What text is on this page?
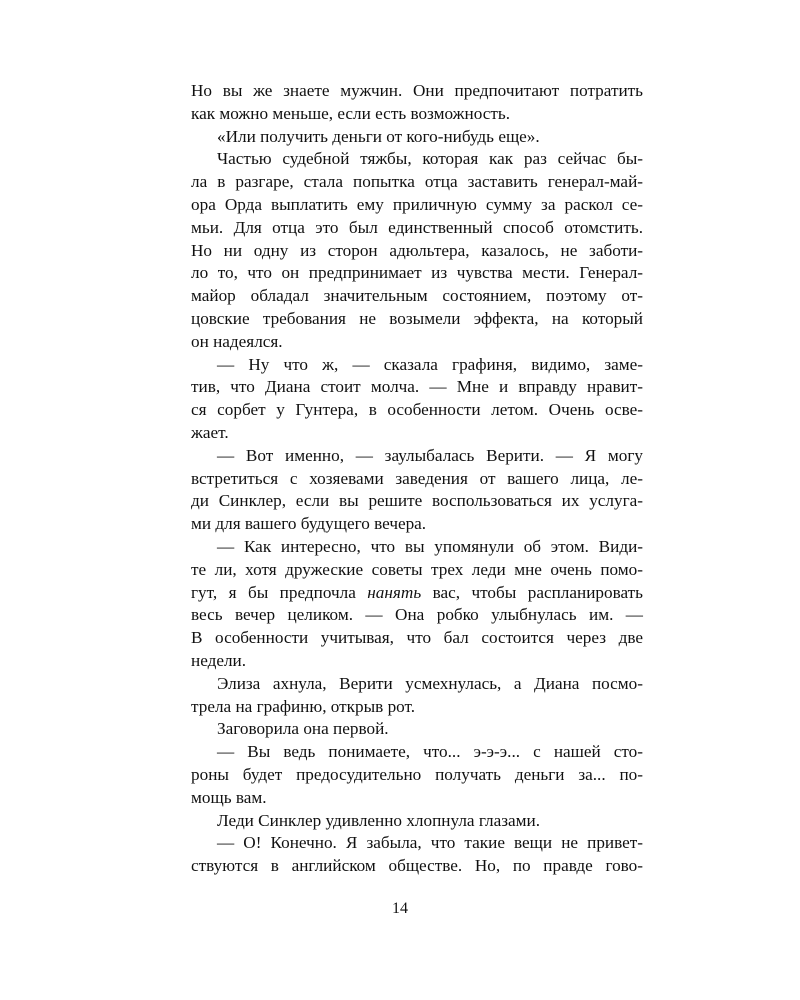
Но вы же знаете мужчин. Они предпочитают потратить
как можно меньше, если есть возможность.
«Или получить деньги от кого-нибудь еще».
Частью судебной тяжбы, которая как раз сейчас бы-
ла в разгаре, стала попытка отца заставить генерал-май-
ора Орда выплатить ему приличную сумму за раскол се-
мьи. Для отца это был единственный способ отомстить.
Но ни одну из сторон адюльтера, казалось, не заботи-
ло то, что он предпринимает из чувства мести. Генерал-
майор обладал значительным состоянием, поэтому от-
цовские требования не возымели эффекта, на который
он надеялся.
— Ну что ж, — сказала графиня, видимо, заме-
тив, что Диана стоит молча. — Мне и вправду нравит-
ся сорбет у Гунтера, в особенности летом. Очень осве-
жает.
— Вот именно, — заулыбалась Верити. — Я могу
встретиться с хозяевами заведения от вашего лица, ле-
ди Синклер, если вы решите воспользоваться их услуга-
ми для вашего будущего вечера.
— Как интересно, что вы упомянули об этом. Види-
те ли, хотя дружеские советы трех леди мне очень помо-
гут, я бы предпочла нанять вас, чтобы распланировать
весь вечер целиком. — Она робко улыбнулась им. —
В особенности учитывая, что бал состоится через две
недели.
Элиза ахнула, Верити усмехнулась, а Диана посмо-
трела на графиню, открыв рот.
Заговорила она первой.
— Вы ведь понимаете, что... э-э-э... с нашей сто-
роны будет предосудительно получать деньги за... по-
мощь вам.
Леди Синклер удивленно хлопнула глазами.
— О! Конечно. Я забыла, что такие вещи не привет-
ствуются в английском обществе. Но, по правде гово-
14
